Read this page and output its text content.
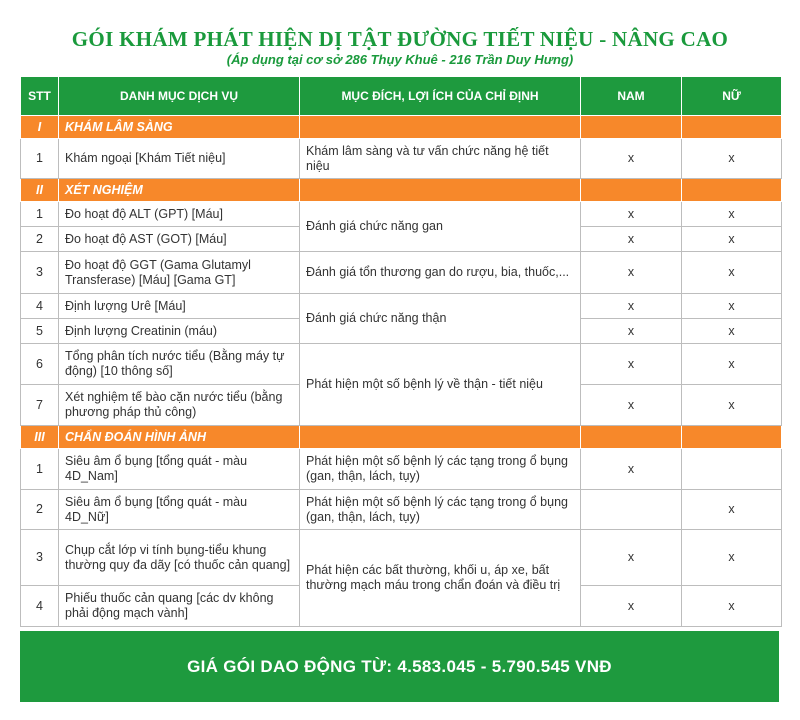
GÓI KHÁM PHÁT HIỆN DỊ TẬT ĐƯỜNG TIẾT NIỆU - NÂNG CAO
(Áp dụng tại cơ sở 286 Thụy Khuê - 216 Trần Duy Hưng)
STT	DANH MỤC DỊCH VỤ	MỤC ĐÍCH, LỢI ÍCH CỦA CHỈ ĐỊNH	NAM	NỮ
I	KHÁM LÂM SÀNG			
1	Khám ngoại [Khám Tiết niệu]	Khám lâm sàng và tư vấn chức năng hệ tiết niệu	x	x
II	XÉT NGHIỆM			
1	Đo hoạt độ ALT (GPT) [Máu]	Đánh giá chức năng gan	x	x
2	Đo hoạt độ AST (GOT) [Máu]		x	x
3	Đo hoạt độ GGT (Gama Glutamyl Transferase) [Máu] [Gama GT]	Đánh giá tổn thương gan do rượu, bia, thuốc,...	x	x
4	Định lượng Urê [Máu]	Đánh giá chức năng thận	x	x
5	Định lượng Creatinin (máu)		x	x
6	Tổng phân tích nước tiểu (Bằng máy tự động) [10 thông số]	Phát hiện một số bệnh lý về thận - tiết niệu	x	x
7	Xét nghiệm tế bào cặn nước tiểu (bằng phương pháp thủ công)		x	x
III	CHẨN ĐOÁN HÌNH ẢNH			
1	Siêu âm ổ bụng [tổng quát - màu 4D_Nam]	Phát hiện một số bệnh lý các tạng trong ổ bụng (gan, thận, lách, tụy)	x	
2	Siêu âm ổ bụng [tổng quát - màu 4D_Nữ]	Phát hiện một số bệnh lý các tạng trong ổ bụng (gan, thận, lách, tụy)		x
3	Chụp cắt lớp vi tính bụng-tiểu khung thường quy đa dãy [có thuốc cản quang]	Phát hiện các bất thường, khối u, áp xe, bất thường mạch máu trong chẩn đoán và điều trị	x	x
4	Phiếu thuốc cản quang [các dv không phải động mạch vành]		x	x
GIÁ GÓI DAO ĐỘNG TỪ: 4.583.045 - 5.790.545 VNĐ
